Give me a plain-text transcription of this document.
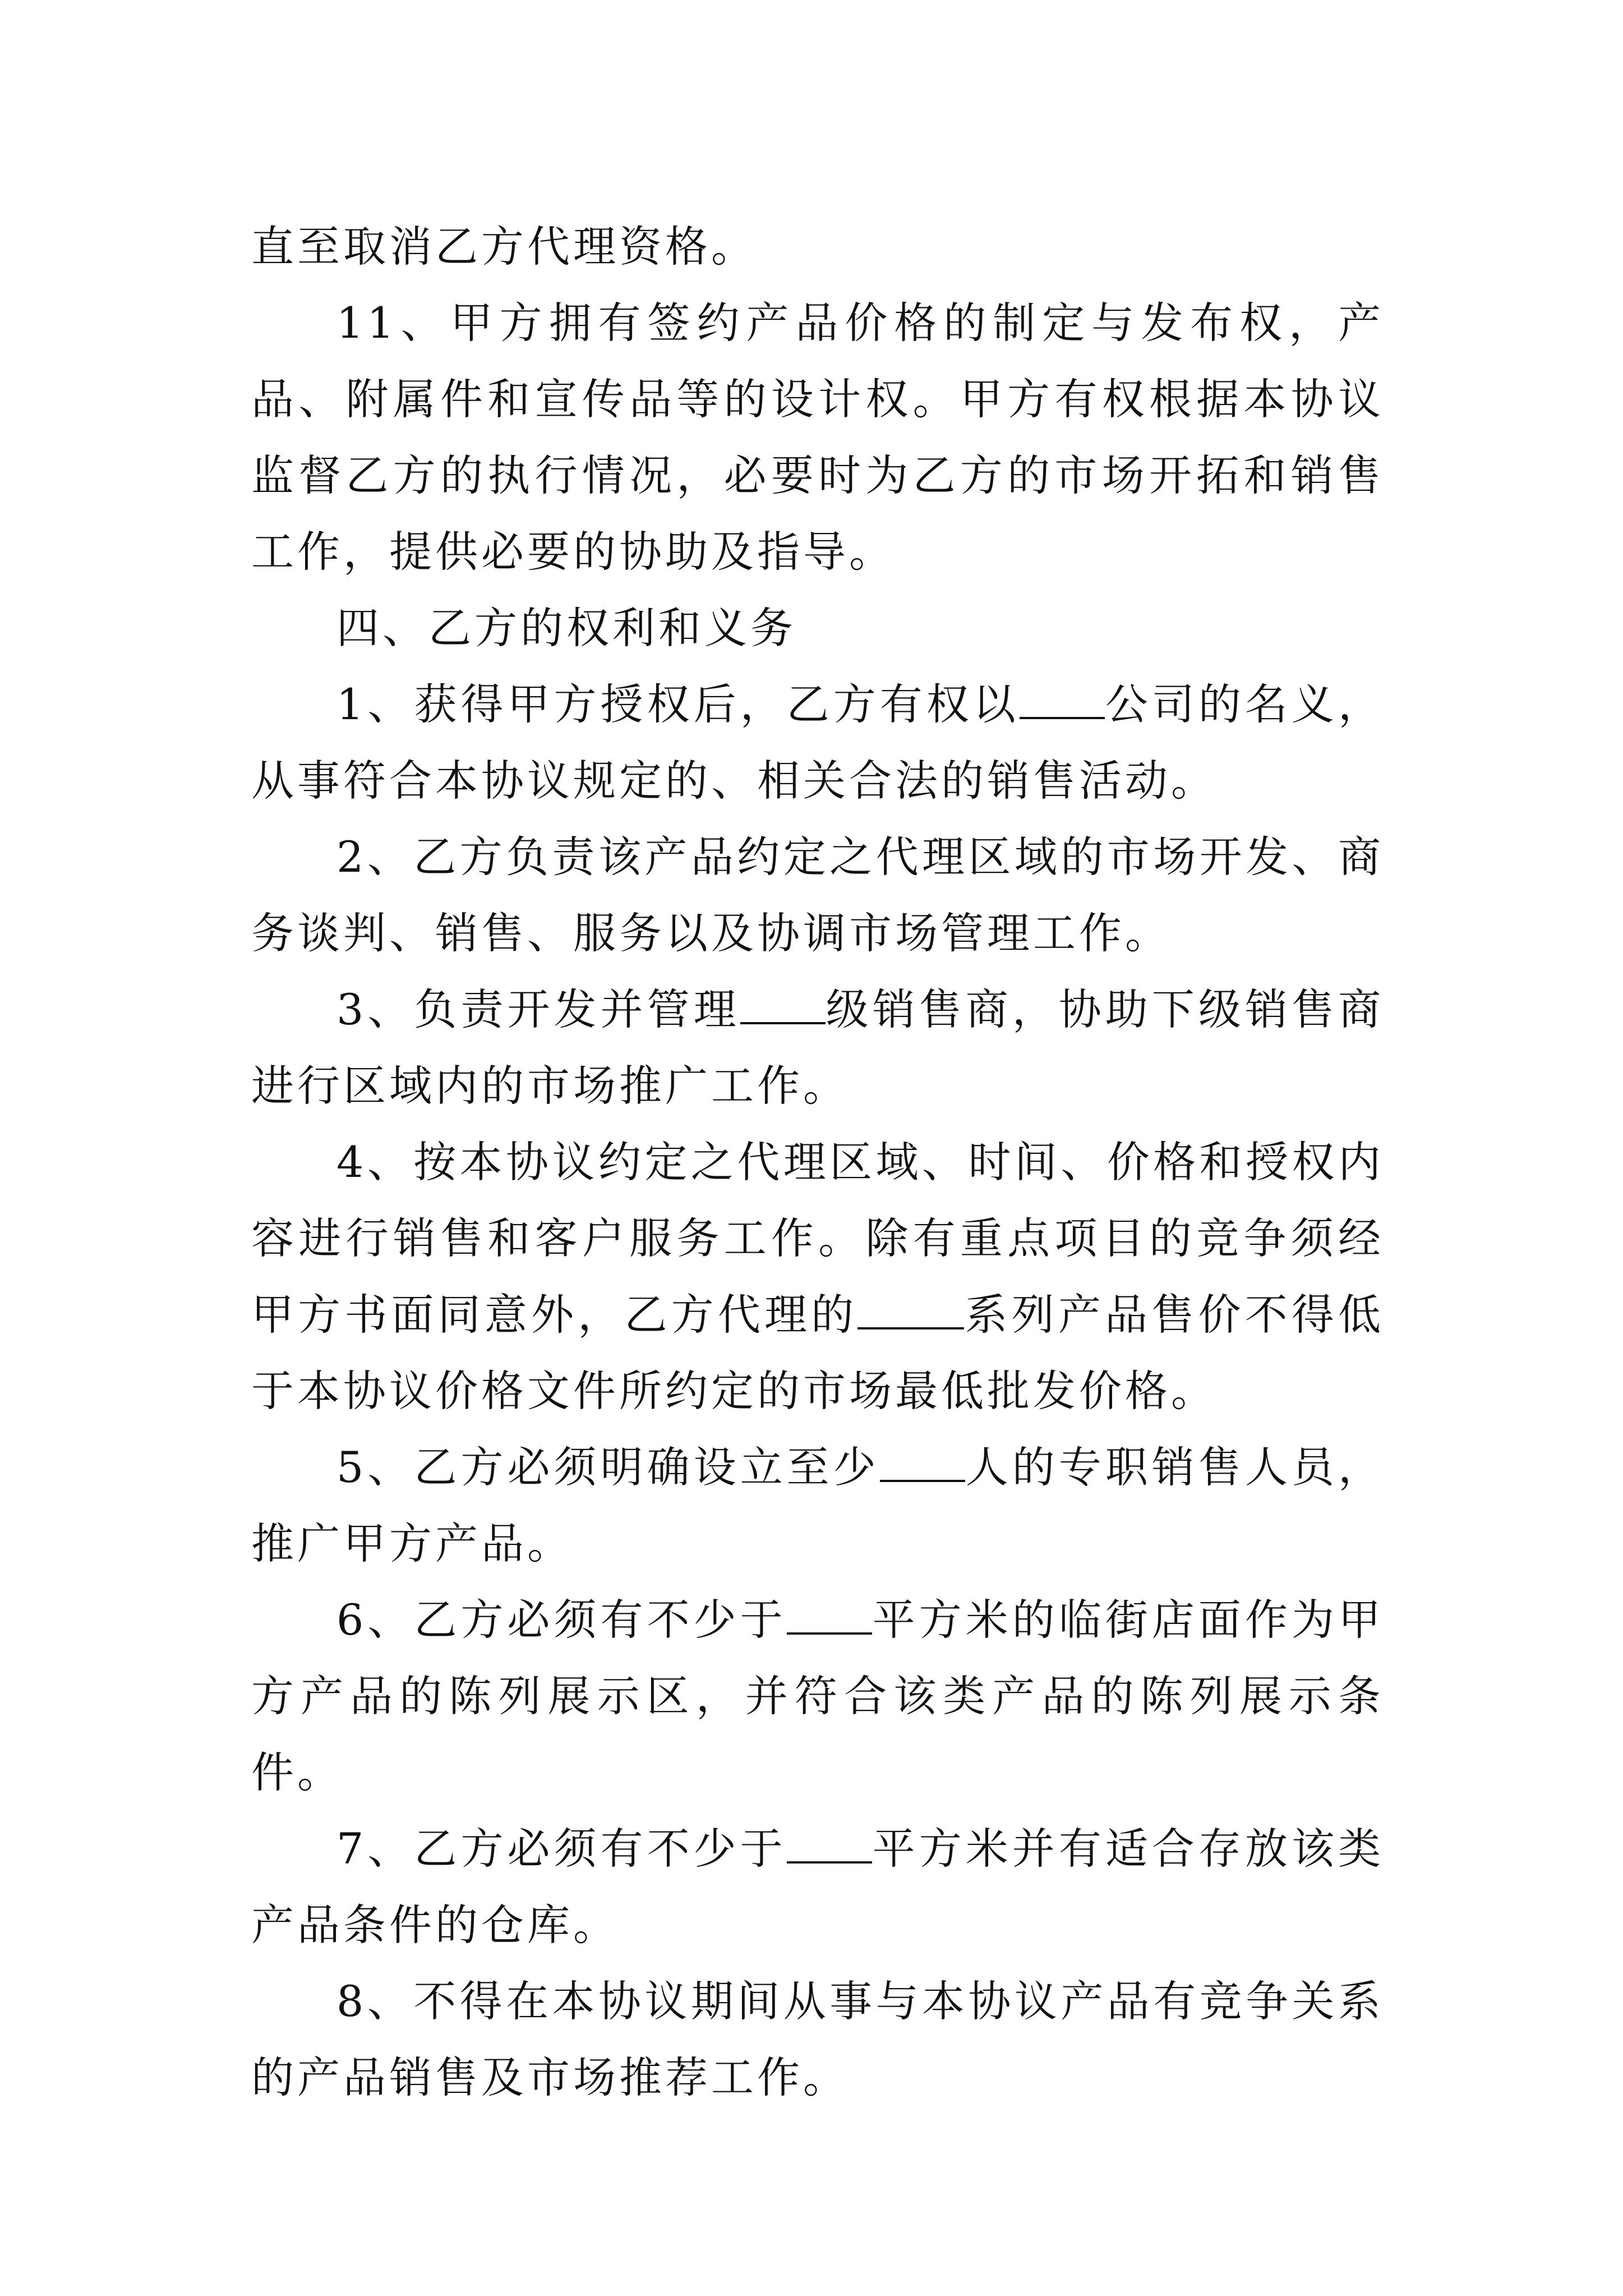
直至取消乙方代理资格。

11、甲方拥有签约产品价格的制定与发布权，产品、附属件和宣传品等的设计权。甲方有权根据本协议监督乙方的执行情况，必要时为乙方的市场开拓和销售工作，提供必要的协助及指导。

四、乙方的权利和义务

1、获得甲方授权后，乙方有权以 公司的名义，从事符合本协议规定的、相关合法的销售活动。

2、乙方负责该产品约定之代理区域的市场开发、商务谈判、销售、服务以及协调市场管理工作。

3、负责开发并管理 级销售商，协助下级销售商进行区域内的市场推广工作。

4、按本协议约定之代理区域、时间、价格和授权内容进行销售和客户服务工作。除有重点项目的竞争须经甲方书面同意外，乙方代理的	系列产品售价不得低于本协议价格文件所约定的市场最低批发价格。

5、乙方必须明确设立至少 人的专职销售人员，推广甲方产品。

6、乙方必须有不少于 平方米的临街店面作为甲方产品的陈列展示区，并符合该类产品的陈列展示条件。

7、乙方必须有不少于 平方米并有适合存放该类产品条件的仓库。

8、不得在本协议期间从事与本协议产品有竞争关系的产品销售及市场推荐工作。
